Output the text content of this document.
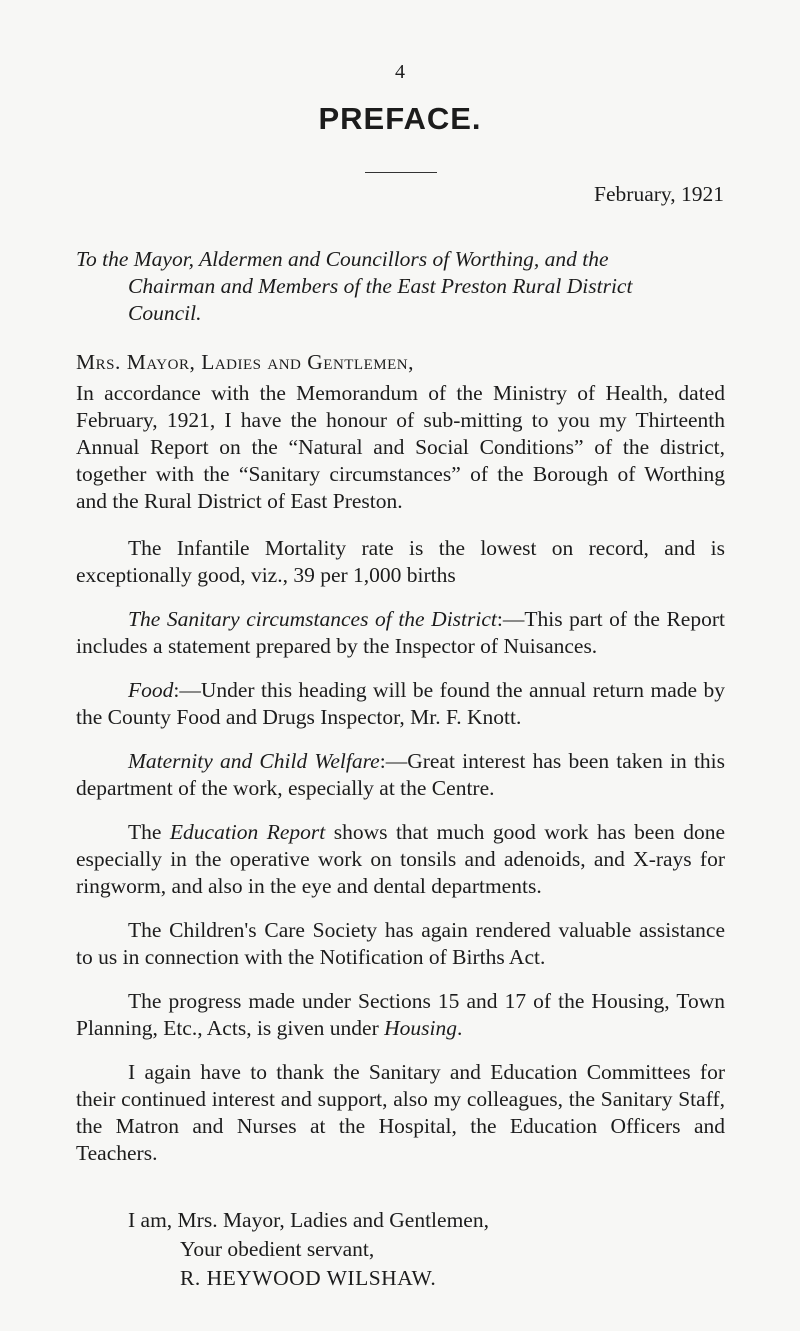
4
PREFACE.
February, 1921

To the Mayor, Aldermen and Councillors of Worthing, and the
Chairman and Members of the East Preston Rural District
Council.

Mrs. Mayor, Ladies and Gentlemen,

In accordance with the Memorandum of the Ministry of Health, dated February, 1921, I have the honour of sub-mitting to you my Thirteenth Annual Report on the “Natural and Social Conditions” of the district, together with the “Sanitary circumstances” of the Borough of Worthing and the Rural District of East Preston.

The Infantile Mortality rate is the lowest on record, and is exceptionally good, viz., 39 per 1,000 births

The Sanitary circumstances of the District:—This part of the Report includes a statement prepared by the Inspector of Nuisances.

Food:—Under this heading will be found the annual return made by the County Food and Drugs Inspector, Mr. F. Knott.

Maternity and Child Welfare:—Great interest has been taken in this department of the work, especially at the Centre.

The Education Report shows that much good work has been done especially in the operative work on tonsils and adenoids, and X-rays for ringworm, and also in the eye and dental departments.

The Children's Care Society has again rendered valuable assistance to us in connection with the Notification of Births Act.

The progress made under Sections 15 and 17 of the Housing, Town Planning, Etc., Acts, is given under Housing.

I again have to thank the Sanitary and Education Committees for their continued interest and support, also my colleagues, the Sanitary Staff, the Matron and Nurses at the Hospital, the Education Officers and Teachers.

I am, Mrs. Mayor, Ladies and Gentlemen,
Your obedient servant,
R. HEYWOOD WILSHAW.
